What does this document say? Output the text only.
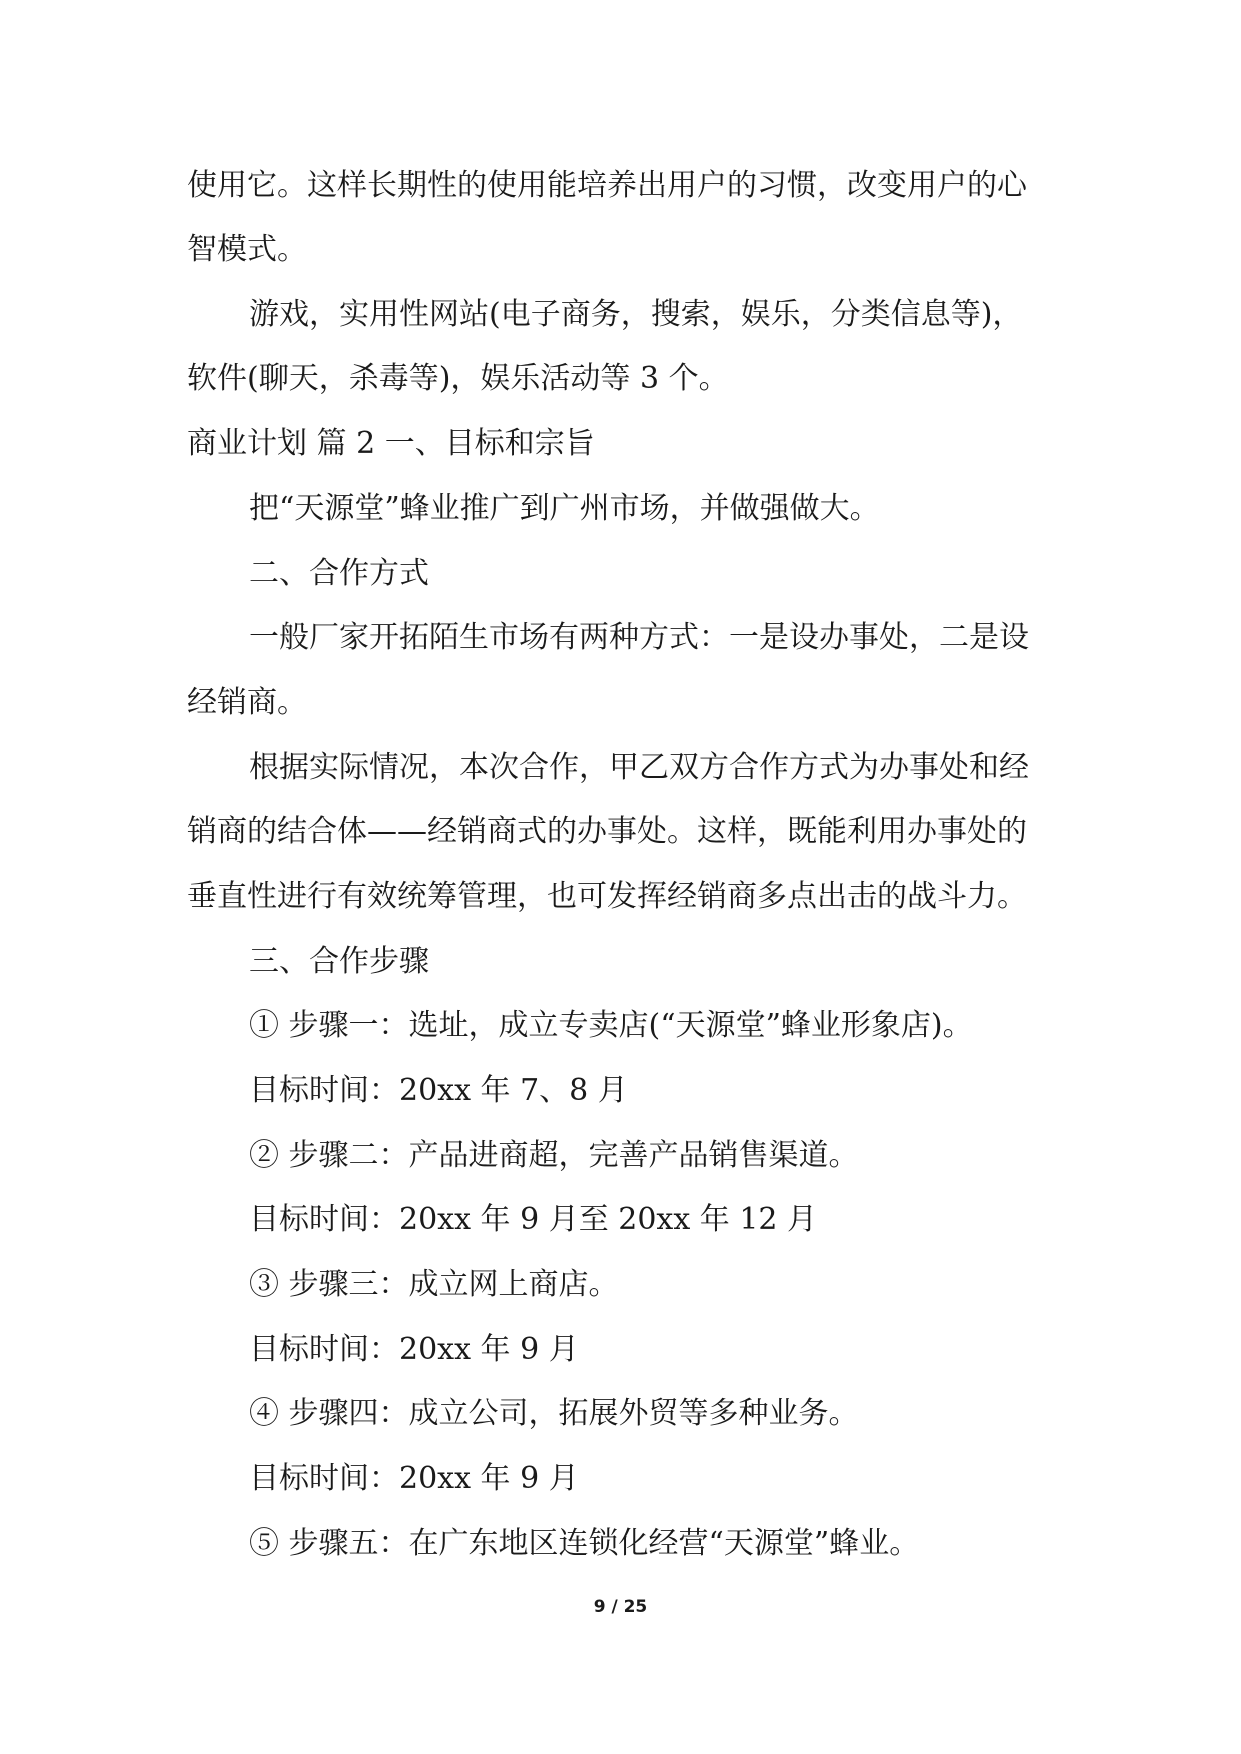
使用它。这样长期性的使用能培养出用户的习惯，改变用户的心
智模式。
游戏，实用性网站(电子商务，搜索，娱乐，分类信息等)，
软件(聊天，杀毒等)，娱乐活动等 3 个。
商业计划 篇 2 一、目标和宗旨
把“天源堂”蜂业推广到广州市场，并做强做大。
二、合作方式
一般厂家开拓陌生市场有两种方式：一是设办事处，二是设
经销商。
根据实际情况，本次合作，甲乙双方合作方式为办事处和经
销商的结合体——经销商式的办事处。这样，既能利用办事处的
垂直性进行有效统筹管理，也可发挥经销商多点出击的战斗力。
三、合作步骤
① 步骤一：选址，成立专卖店(“天源堂”蜂业形象店)。
目标时间：20xx 年 7、8 月
② 步骤二：产品进商超，完善产品销售渠道。
目标时间：20xx 年 9 月至 20xx 年 12 月
③ 步骤三：成立网上商店。
目标时间：20xx 年 9 月
④ 步骤四：成立公司，拓展外贸等多种业务。
目标时间：20xx 年 9 月
⑤ 步骤五：在广东地区连锁化经营“天源堂”蜂业。
9 / 25
